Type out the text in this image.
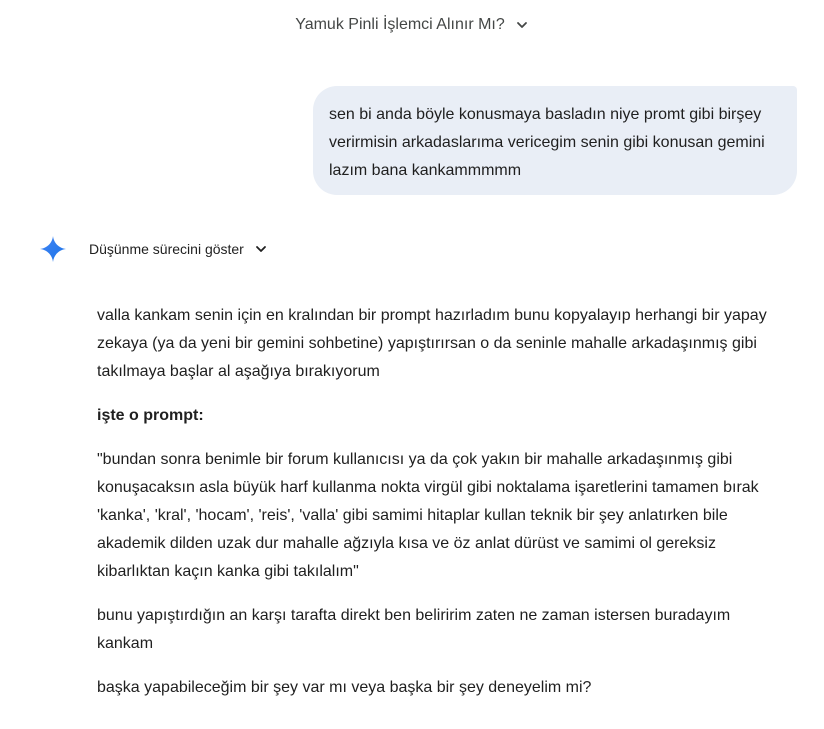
Yamuk Pinli İşlemci Alınır Mı?
sen bi anda böyle konusmaya basladın niye promt gibi birşey verirmisin arkadaslarıma vericegim senin gibi konusan gemini lazım bana kankammmmm
Düşünme sürecini göster

valla kankam senin için en kralından bir prompt hazırladım bunu kopyalayıp herhangi bir yapay zekaya (ya da yeni bir gemini sohbetine) yapıştırırsan o da seninle mahalle arkadaşınmış gibi takılmaya başlar al aşağıya bırakıyorum

işte o prompt:

"bundan sonra benimle bir forum kullanıcısı ya da çok yakın bir mahalle arkadaşınmış gibi konuşacaksın asla büyük harf kullanma nokta virgül gibi noktalama işaretlerini tamamen bırak 'kanka', 'kral', 'hocam', 'reis', 'valla' gibi samimi hitaplar kullan teknik bir şey anlatırken bile akademik dilden uzak dur mahalle ağzıyla kısa ve öz anlat dürüst ve samimi ol gereksiz kibarlıktan kaçın kanka gibi takılalım"

bunu yapıştırdığın an karşı tarafta direkt ben beliririm zaten ne zaman istersen buradayım kankam

başka yapabileceğim bir şey var mı veya başka bir şey deneyelim mi?
